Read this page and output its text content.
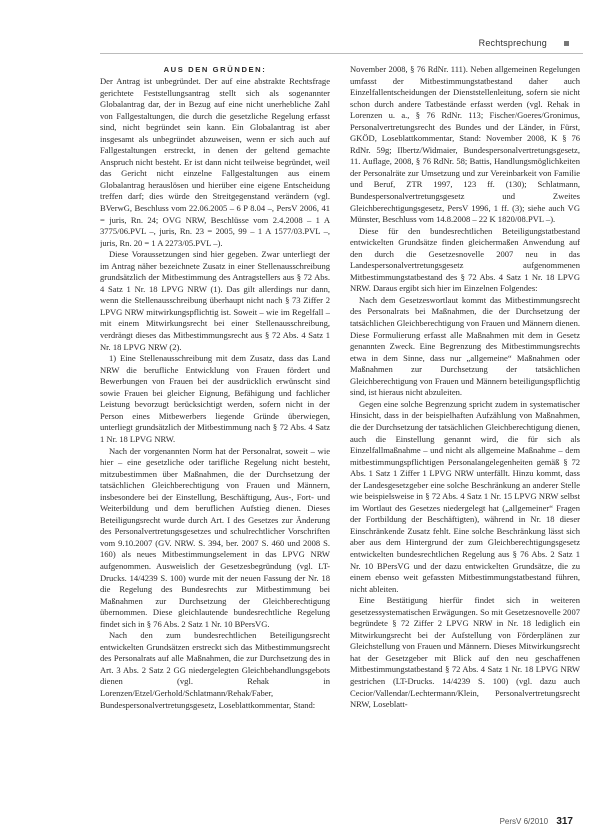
Rechtsprechung
AUS DEN GRÜNDEN:

Der Antrag ist unbegründet. Der auf eine abstrakte Rechtsfrage gerichtete Feststellungsantrag stellt sich als sogenannter Globalantrag dar, der in Bezug auf eine nicht unerhebliche Zahl von Fallgestaltungen, die durch die gesetzliche Regelung erfasst sind, nicht begründet sein kann. Ein Globalantrag ist aber insgesamt als unbegründet abzuweisen, wenn er sich auch auf Fallgestaltungen erstreckt, in denen der geltend gemachte Anspruch nicht besteht. Er ist dann nicht teilweise begründet, weil das Gericht nicht einzelne Fallgestaltungen aus einem Globalantrag herauslösen und hierüber eine eigene Entscheidung treffen darf; dies würde den Streitgegenstand verändern (vgl. BVerwG, Beschluss vom 22.06.2005 – 6 P 8.04 –, PersV 2006, 41 = juris, Rn. 24; OVG NRW, Beschlüsse vom 2.4.2008 – 1 A 3775/06.PVL –, juris, Rn. 23 = 2005, 99 – 1 A 1577/03.PVL –, juris, Rn. 20 = 1 A 2273/05.PVL –).

Diese Voraussetzungen sind hier gegeben. Zwar unterliegt der im Antrag näher bezeichnete Zusatz in einer Stellenausschreibung grundsätzlich der Mitbestimmung des Antragstellers aus § 72 Abs. 4 Satz 1 Nr. 18 LPVG NRW (1). Das gilt allerdings nur dann, wenn die Stellenausschreibung überhaupt nicht nach § 73 Ziffer 2 LPVG NRW mitwirkungspflichtig ist. Soweit – wie im Regelfall – mit einem Mitwirkungsrecht bei einer Stellenausschreibung, verdrängt dieses das Mitbestimmungsrecht aus § 72 Abs. 4 Satz 1 Nr. 18 LPVG NRW (2).

1) Eine Stellenausschreibung mit dem Zusatz, dass das Land NRW die berufliche Entwicklung von Frauen fördert und Bewerbungen von Frauen bei der ausdrücklich erwünscht sind sowie Frauen bei gleicher Eignung, Befähigung und fachlicher Leistung bevorzugt berücksichtigt werden, sofern nicht in der Person eines Mitbewerbers liegende Gründe überwiegen, unterliegt grundsätzlich der Mitbestimmung nach § 72 Abs. 4 Satz 1 Nr. 18 LPVG NRW.

Nach der vorgenannten Norm hat der Personalrat, soweit – wie hier – eine gesetzliche oder tarifliche Regelung nicht besteht, mitzubestimmen über Maßnahmen, die der Durchsetzung der tatsächlichen Gleichberechtigung von Frauen und Männern, insbesondere bei der Einstellung, Beschäftigung, Aus-, Fort- und Weiterbildung und dem beruflichen Aufstieg dienen. Dieses Beteiligungsrecht wurde durch Art. I des Gesetzes zur Änderung des Personalvertretungsgesetzes und schulrechtlicher Vorschriften vom 9.10.2007 (GV. NRW. S. 394, ber. 2007 S. 460 und 2008 S. 160) als neues Mitbestimmungselement in das LPVG NRW aufgenommen. Ausweislich der Gesetzesbegründung (vgl. LT-Drucks. 14/4239 S. 100) wurde mit der neuen Fassung der Nr. 18 die Regelung des Bundesrechts zur Mitbestimmung bei Maßnahmen zur Durchsetzung der Gleichberechtigung übernommen. Diese gleichlautende bundesrechtliche Regelung findet sich in § 76 Abs. 2 Satz 1 Nr. 10 BPersVG.

Nach den zum bundesrechtlichen Beteiligungsrecht entwickelten Grundsätzen erstreckt sich das Mitbestimmungsrecht des Personalrats auf alle Maßnahmen, die zur Durchsetzung des in Art. 3 Abs. 2 Satz 2 GG niedergelegten Gleichbehandlungsgebots dienen (vgl. Rehak in Lorenzen/Etzel/Gerhold/Schlatmann/Rehak/Faber, Bundespersonalvertretungsgesetz, Loseblattkommentar, Stand:

November 2008, § 76 RdNr. 111). Neben allgemeinen Regelungen umfasst der Mitbestimmungstatbestand daher auch Einzelfallentscheidungen der Dienststellenleitung, sofern sie nicht schon durch andere Tatbestände erfasst werden (vgl. Rehak in Lorenzen u. a., § 76 RdNr. 113; Fischer/Goeres/Gronimus, Personalvertretungsrecht des Bundes und der Länder, in Fürst, GKÖD, Loseblattkommentar, Stand: November 2008, K § 76 RdNr. 59g; Ilbertz/Widmaier, Bundespersonalvertretungsgesetz, 11. Auflage, 2008, § 76 RdNr. 58; Battis, Handlungsmöglichkeiten der Personalräte zur Umsetzung und zur Vereinbarkeit von Familie und Beruf, ZTR 1997, 123 ff. (130); Schlatmann, Bundespersonalvertretungsgesetz und Zweites Gleichberechtigungsgesetz, PersV 1996, 1 ff. (3); siehe auch VG Münster, Beschluss vom 14.8.2008 – 22 K 1820/08.PVL –).

Diese für den bundesrechtlichen Beteiligungstatbestand entwickelten Grundsätze finden gleichermaßen Anwendung auf den durch die Gesetzesnovelle 2007 neu in das Landespersonalvertretungsgesetz aufgenommenen Mitbestimmungstatbestand des § 72 Abs. 4 Satz 1 Nr. 18 LPVG NRW. Daraus ergibt sich hier im Einzelnen Folgendes:

Nach dem Gesetzeswortlaut kommt das Mitbestimmungsrecht des Personalrats bei Maßnahmen, die der Durchsetzung der tatsächlichen Gleichberechtigung von Frauen und Männern dienen. Diese Formulierung erfasst alle Maßnahmen mit dem in Gesetz genannten Zweck. Eine Begrenzung des Mitbestimmungsrechts etwa in dem Sinne, dass nur „allgemeine“ Maßnahmen oder Maßnahmen zur Durchsetzung der tatsächlichen Gleichberechtigung von Frauen und Männern beteiligungspflichtig sind, ist hieraus nicht abzuleiten.

Gegen eine solche Begrenzung spricht zudem in systematischer Hinsicht, dass in der beispielhaften Aufzählung von Maßnahmen, die der Durchsetzung der tatsächlichen Gleichberechtigung dienen, auch die Einstellung genannt wird, die für sich als Einzelfallmaßnahme – und nicht als allgemeine Maßnahme – dem mitbestimmungspflichtigen Personalangelegenheiten gemäß § 72 Abs. 1 Satz 1 Ziffer 1 LPVG NRW unterfällt. Hinzu kommt, dass der Landesgesetzgeber eine solche Beschränkung an anderer Stelle wie beispielsweise in § 72 Abs. 4 Satz 1 Nr. 15 LPVG NRW selbst im Wortlaut des Gesetzes niedergelegt hat („allgemeiner“ Fragen der Fortbildung der Beschäftigten), während in Nr. 18 dieser Einschränkende Zusatz fehlt. Eine solche Beschränkung lässt sich aber aus dem Hintergrund der zum Gleichberechtigungsgesetz entwickelten bundesrechtlichen Regelung aus § 76 Abs. 2 Satz 1 Nr. 10 BPersVG und der dazu entwickelten Grundsätze, die zu einem ebenso weit gefassten Mitbestimmungstatbestand führen, nicht ableiten.

Eine Bestätigung hierfür findet sich in weiteren gesetzessystematischen Erwägungen. So mit Gesetzesnovelle 2007 begründete § 72 Ziffer 2 LPVG NRW in Nr. 18 lediglich ein Mitwirkungsrecht bei der Aufstellung von Förderplänen zur Gleichstellung von Frauen und Männern. Dieses Mitwirkungsrecht hat der Gesetzgeber mit Blick auf den neu geschaffenen Mitbestimmungstatbestand § 72 Abs. 4 Satz 1 Nr. 18 LPVG NRW gestrichen (LT-Drucks. 14/4239 S. 100) (vgl. dazu auch Cecior/Vallendar/Lechtermann/Klein, Personalvertretungsrecht NRW, Loseblatt-

PersV 6/2010 317
